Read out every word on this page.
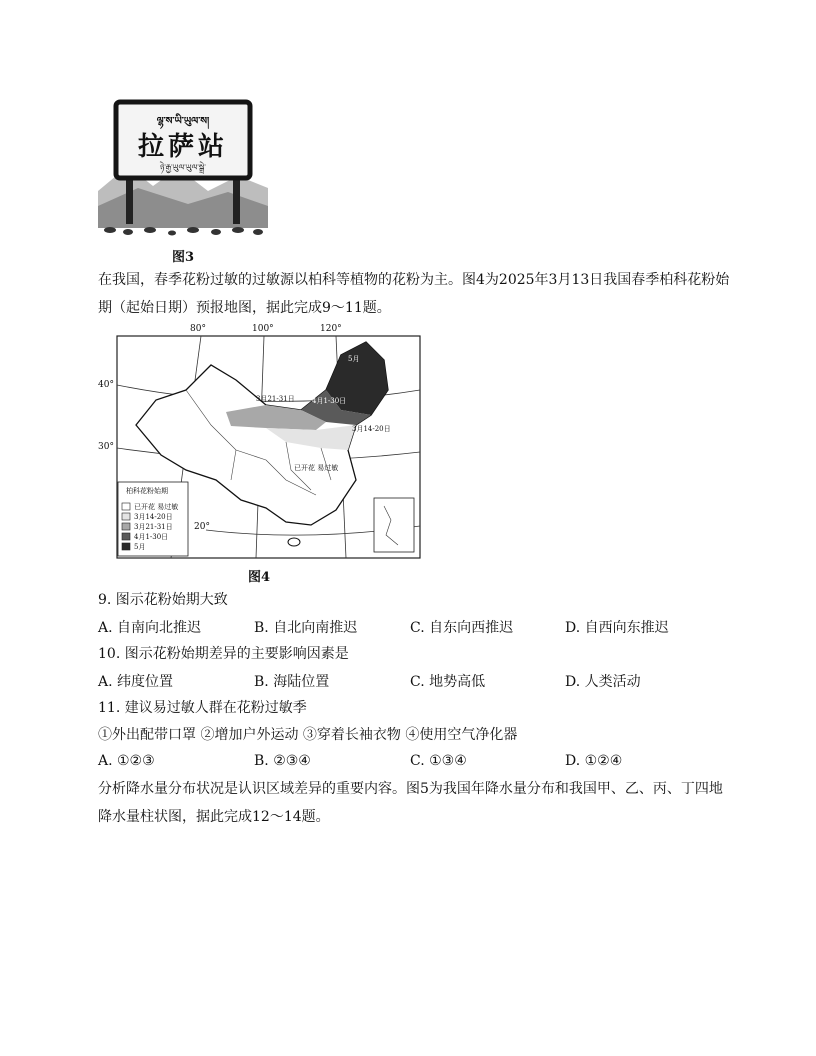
ལྷ་ས་ཡི་ཡུལ་ས།
拉萨站
ཉེ་རྒྱ་ཡུལ་ཡུལ་སྒྲེ་
图3
在我国，春季花粉过敏的过敏源以柏科等植物的花粉为主。图4为2025年3月13日我国春季柏科花粉始
期（起始日期）预报地图，据此完成9～11题。
80°	100°	120°
40°
30°
20°
5月
4月1-30日
3月21-31日
3月14-20日
已开花 易过敏
柏科花粉始期
已开花 易过敏
3月14-20日
3月21-31日
4月1-30日
5月
图4
9. 图示花粉始期大致
A. 自南向北推迟	B. 自北向南推迟	C. 自东向西推迟	D. 自西向东推迟
10. 图示花粉始期差异的主要影响因素是
A. 纬度位置	B. 海陆位置	C. 地势高低	D. 人类活动
11. 建议易过敏人群在花粉过敏季
①外出配带口罩 ②增加户外运动 ③穿着长袖衣物 ④使用空气净化器
A. ①②③	B. ②③④	C. ①③④	D. ①②④
分析降水量分布状况是认识区域差异的重要内容。图5为我国年降水量分布和我国甲、乙、丙、丁四地
降水量柱状图，据此完成12～14题。
